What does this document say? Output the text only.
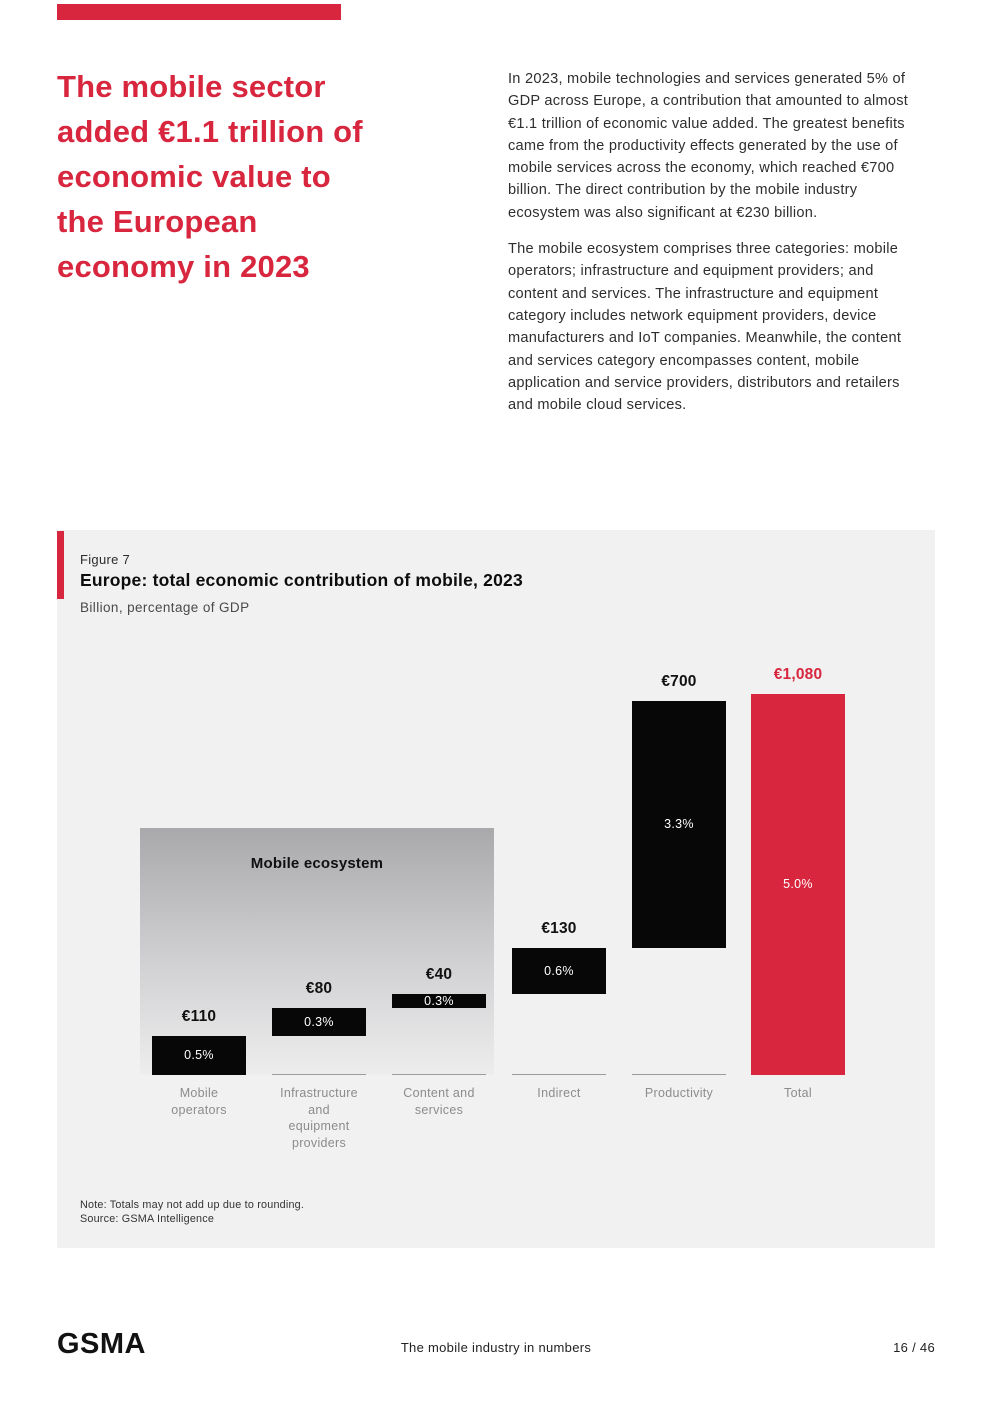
The mobile sector
added €1.1 trillion of
economic value to
the European
economy in 2023

In 2023, mobile technologies and services generated 5% of GDP across Europe, a contribution that amounted to almost €1.1 trillion of economic value added. The greatest benefits came from the productivity effects generated by the use of mobile services across the economy, which reached €700 billion. The direct contribution by the mobile industry ecosystem was also significant at €230 billion.

The mobile ecosystem comprises three categories: mobile operators; infrastructure and equipment providers; and content and services. The infrastructure and equipment category includes network equipment providers, device manufacturers and IoT companies. Meanwhile, the content and services category encompasses content, mobile application and service providers, distributors and retailers and mobile cloud services.

Figure 7
Europe: total economic contribution of mobile, 2023
Billion, percentage of GDP
Mobile ecosystem
0.5%
€110
Mobile
operators
0.3%
€80
Infrastructure
and
equipment
providers
0.3%
€40
Content and
services
0.6%
€130
Indirect
3.3%
€700
Productivity
5.0%
€1,080
Total
Note: Totals may not add up due to rounding.
Source: GSMA Intelligence
GSMA	The mobile industry in numbers	16 / 46
